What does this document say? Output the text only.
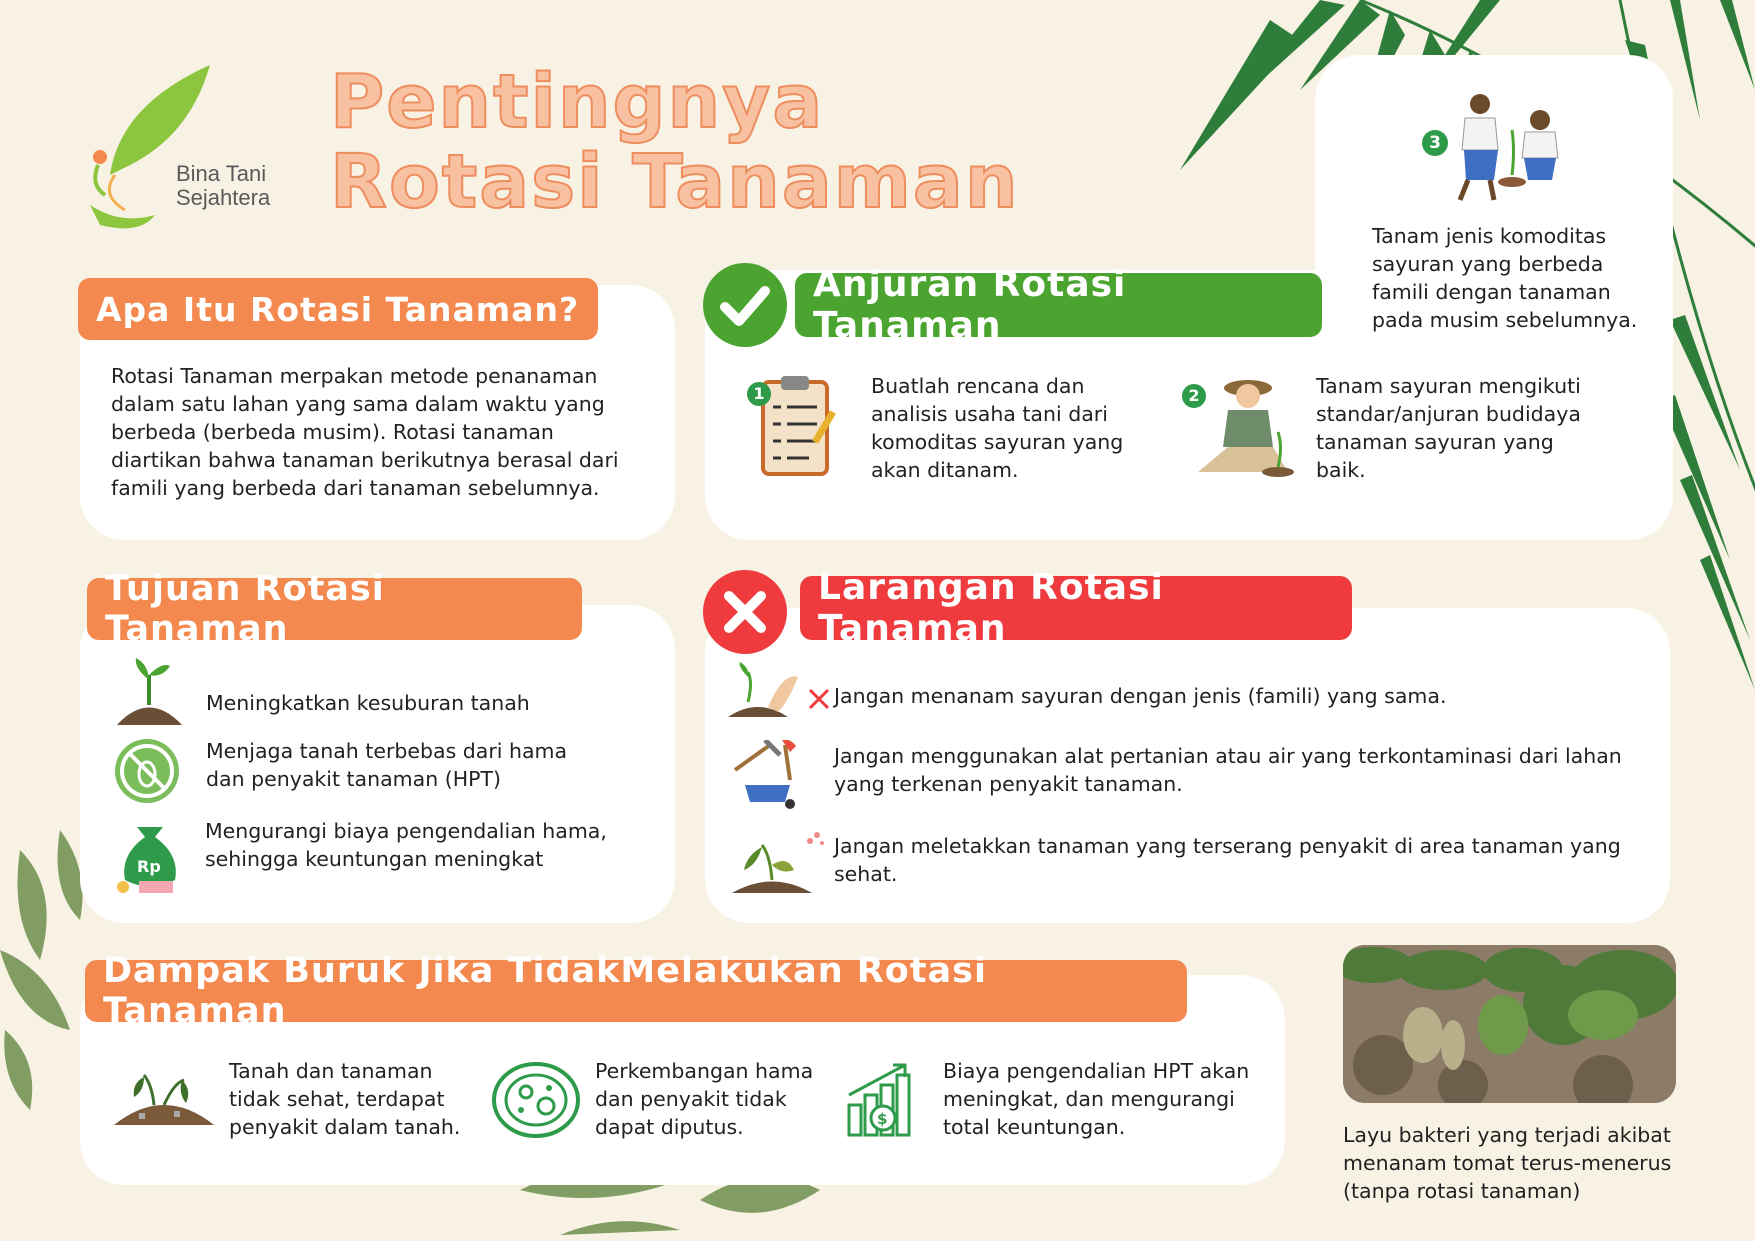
Bina Tani
Sejahtera
Pentingnya
Rotasi Tanaman
Apa Itu Rotasi Tanaman?
Rotasi Tanaman merpakan metode penanaman dalam satu lahan yang sama dalam waktu yang berbeda (berbeda musim). Rotasi tanaman diartikan bahwa tanaman berikutnya berasal dari famili yang berbeda dari tanaman sebelumnya.
Anjuran Rotasi Tanaman
1	Buatlah rencana dan analisis usaha tani dari komoditas sayuran yang akan ditanam.
2	Tanam sayuran mengikuti standar/anjuran budidaya tanaman sayuran yang baik.
3
Tanam jenis komoditas sayuran yang berbeda famili dengan tanaman pada musim sebelumnya.
Tujuan Rotasi Tanaman
Meningkatkan kesuburan tanah
Menjaga tanah terbebas dari hama dan penyakit tanaman (HPT)
Rp
Mengurangi biaya pengendalian hama, sehingga keuntungan meningkat
Larangan Rotasi Tanaman
Jangan menanam sayuran dengan jenis (famili) yang sama.
Jangan menggunakan alat pertanian atau air yang terkontaminasi dari lahan yang terkenan penyakit tanaman.
Jangan meletakkan tanaman yang terserang penyakit di area tanaman yang sehat.
Dampak Buruk Jika TidakMelakukan Rotasi Tanaman
Tanah dan tanaman tidak sehat, terdapat penyakit dalam tanah.
Perkembangan hama dan penyakit tidak dapat diputus.	$
Biaya pengendalian HPT akan meningkat, dan mengurangi total keuntungan.	Layu bakteri yang terjadi akibat menanam tomat terus-menerus (tanpa rotasi tanaman)
